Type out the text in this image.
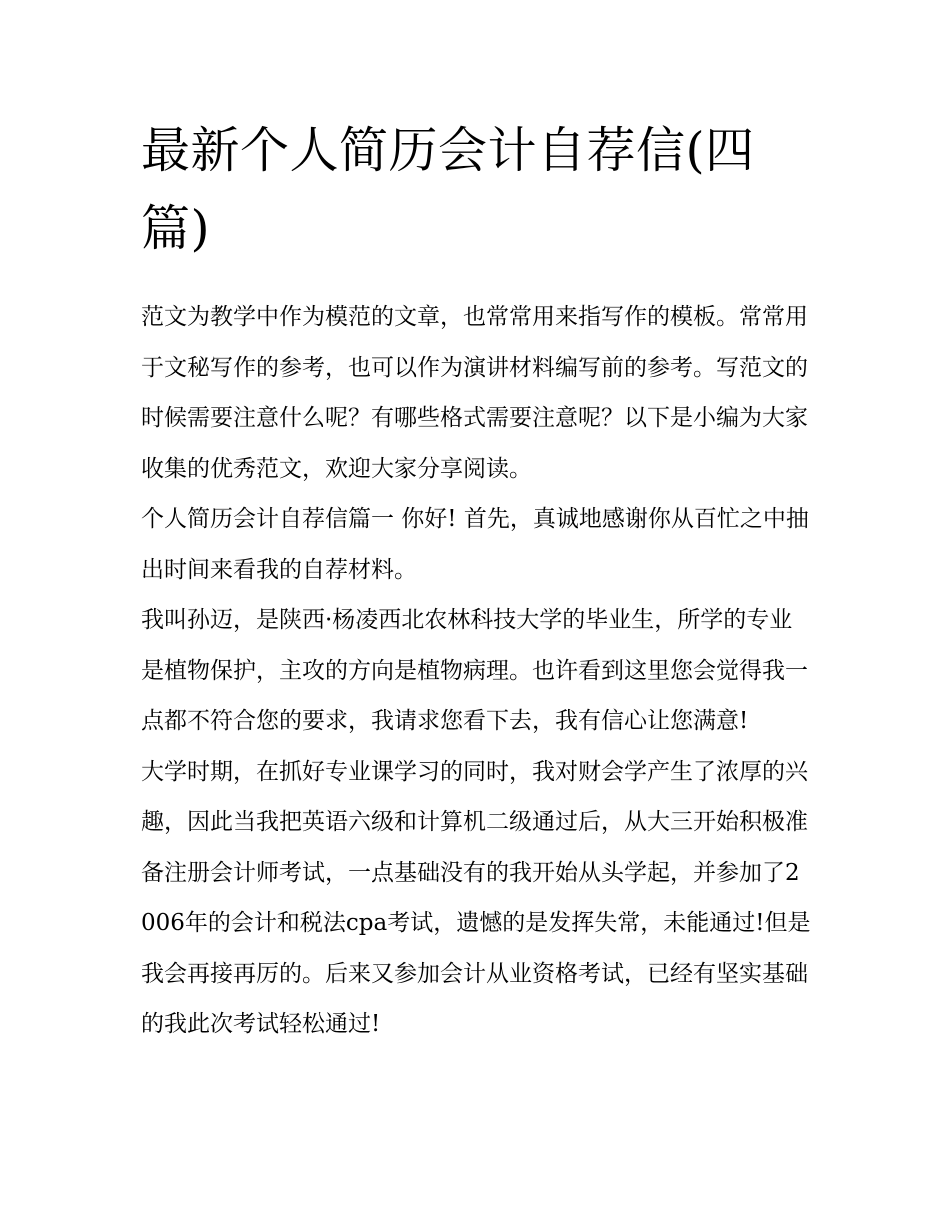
最新个人简历会计自荐信(四篇)

范文为教学中作为模范的文章，也常常用来指写作的模板。常常用于文秘写作的参考，也可以作为演讲材料编写前的参考。写范文的时候需要注意什么呢？有哪些格式需要注意呢？以下是小编为大家收集的优秀范文，欢迎大家分享阅读。

个人简历会计自荐信篇一 你好! 首先，真诚地感谢你从百忙之中抽出时间来看我的自荐材料。

我叫孙迈，是陕西·杨凌西北农林科技大学的毕业生，所学的专业是植物保护，主攻的方向是植物病理。也许看到这里您会觉得我一点都不符合您的要求，我请求您看下去，我有信心让您满意!

大学时期，在抓好专业课学习的同时，我对财会学产生了浓厚的兴趣，因此当我把英语六级和计算机二级通过后，从大三开始积极准备注册会计师考试，一点基础没有的我开始从头学起，并参加了2006年的会计和税法cpa考试，遗憾的是发挥失常，未能通过!但是我会再接再厉的。后来又参加会计从业资格考试，已经有坚实基础的我此次考试轻松通过!
